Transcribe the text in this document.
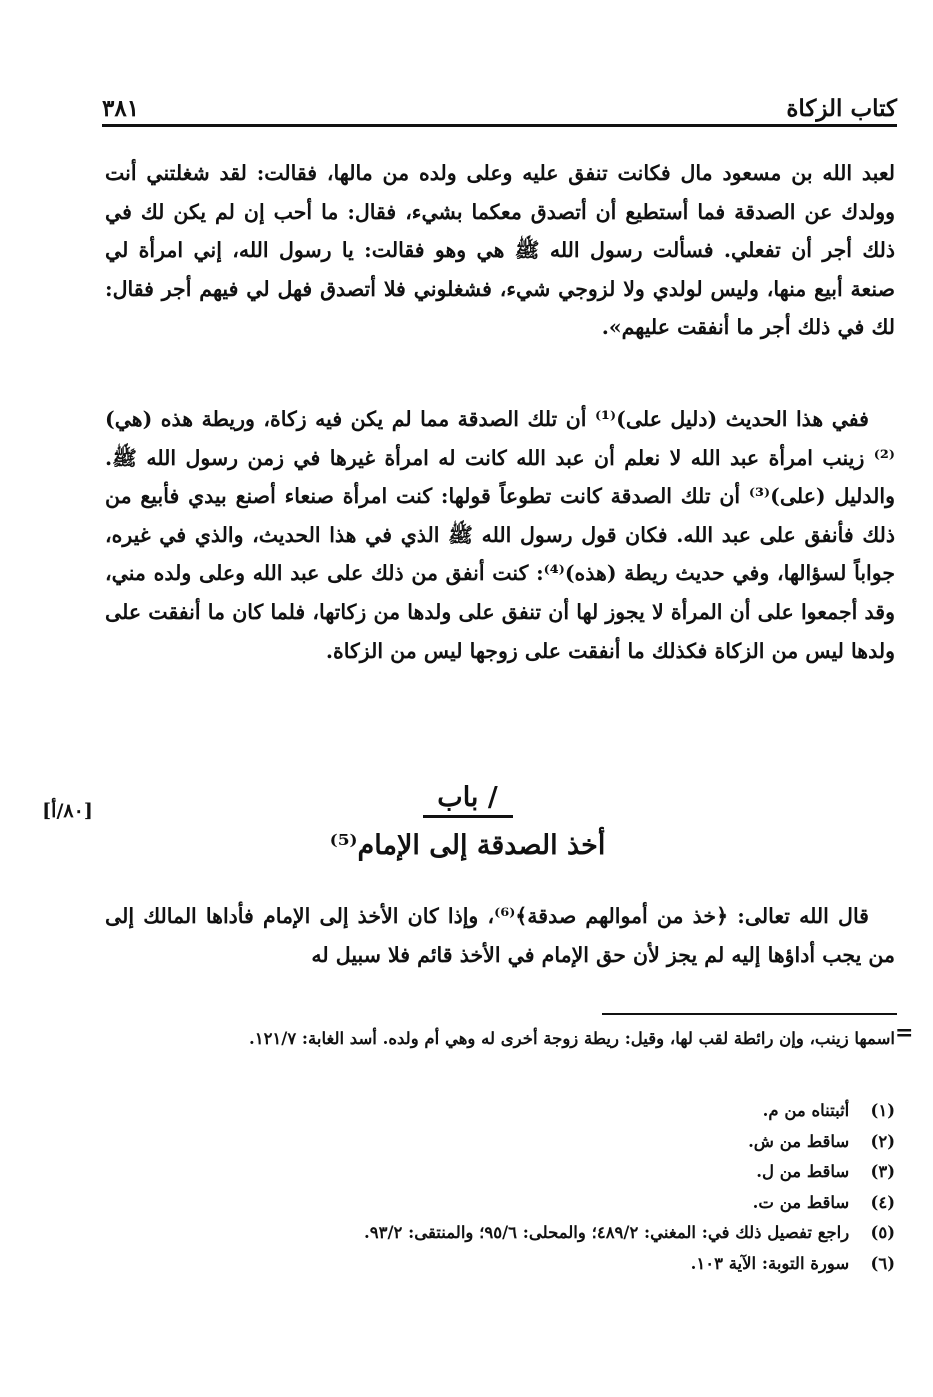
كتاب الزكاة
٣٨١

لعبد الله بن مسعود مال فكانت تنفق عليه وعلى ولده من مالها، فقالت: لقد شغلتني أنت وولدك عن الصدقة فما أستطيع أن أتصدق معكما بشيء، فقال: ما أحب إن لم يكن لك في ذلك أجر أن تفعلي. فسألت رسول الله ﷺ هي وهو فقالت: يا رسول الله، إني امرأة لي صنعة أبيع منها، وليس لولدي ولا لزوجي شيء، فشغلوني فلا أتصدق فهل لي فيهم أجر فقال: لك في ذلك أجر ما أنفقت عليهم».

ففي هذا الحديث (دليل على)⁽¹⁾ أن تلك الصدقة مما لم يكن فيه زكاة، وريطة هذه (هي)⁽²⁾ زينب امرأة عبد الله لا نعلم أن عبد الله كانت له امرأة غيرها في زمن رسول الله ﷺ. والدليل (على)⁽³⁾ أن تلك الصدقة كانت تطوعاً قولها: كنت امرأة صنعاء أصنع بيدي فأبيع من ذلك فأنفق على عبد الله. فكان قول رسول الله ﷺ الذي في هذا الحديث، والذي في غيره، جواباً لسؤالها، وفي حديث ريطة (هذه)⁽⁴⁾: كنت أنفق من ذلك على عبد الله وعلى ولده مني، وقد أجمعوا على أن المرأة لا يجوز لها أن تنفق على ولدها من زكاتها، فلما كان ما أنفقت على ولدها ليس من الزكاة فكذلك ما أنفقت على زوجها ليس من الزكاة.

[٨٠/أ]	/ باب
أخذ الصدقة إلى الإمام⁽⁵⁾

قال الله تعالى: ﴿خذ من أموالهم صدقة﴾⁽⁶⁾، وإذا كان الأخذ إلى الإمام فأداها المالك إلى من يجب أداؤها إليه لم يجز لأن حق الإمام في الأخذ قائم فلا سبيل له

=
اسمها زينب، وإن رائطة لقب لها، وقيل: ريطة زوجة أخرى له وهي أم ولده. أسد الغابة: ١٢١/٧.
(١) أثبتناه من م.
(٢) ساقط من ش.
(٣) ساقط من ل.
(٤) ساقط من ت.
(٥) راجع تفصيل ذلك في: المغني: ٤٨٩/٢؛ والمحلى: ٩٥/٦؛ والمنتقى: ٩٣/٢.
(٦) سورة التوبة: الآية ١٠٣.
